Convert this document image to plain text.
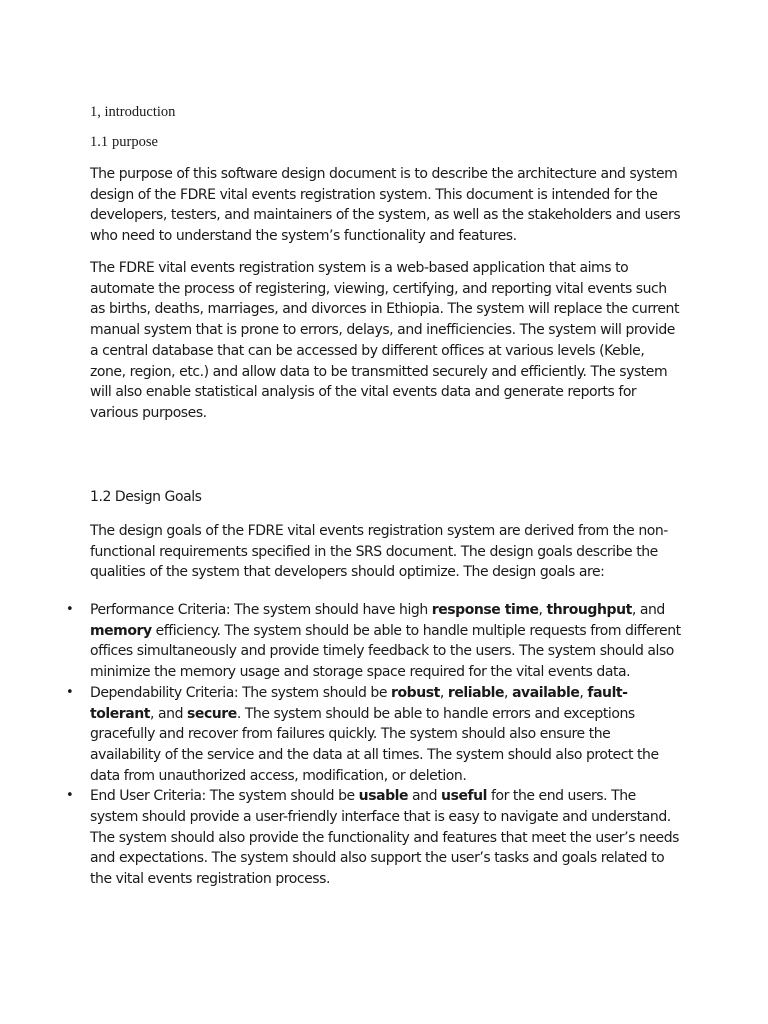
1, introduction
1.1 purpose

The purpose of this software design document is to describe the architecture and system design of the FDRE vital events registration system. This document is intended for the developers, testers, and maintainers of the system, as well as the stakeholders and users who need to understand the system’s functionality and features.

The FDRE vital events registration system is a web-based application that aims to automate the process of registering, viewing, certifying, and reporting vital events such as births, deaths, marriages, and divorces in Ethiopia. The system will replace the current manual system that is prone to errors, delays, and inefficiencies. The system will provide a central database that can be accessed by different offices at various levels (Keble, zone, region, etc.) and allow data to be transmitted securely and efficiently. The system will also enable statistical analysis of the vital events data and generate reports for various purposes.

1.2 Design Goals

The design goals of the FDRE vital events registration system are derived from the non-functional requirements specified in the SRS document. The design goals describe the qualities of the system that developers should optimize. The design goals are:

• Performance Criteria: The system should have high response time, throughput, and memory efficiency. The system should be able to handle multiple requests from different offices simultaneously and provide timely feedback to the users. The system should also minimize the memory usage and storage space required for the vital events data.
• Dependability Criteria: The system should be robust, reliable, available, fault-tolerant, and secure. The system should be able to handle errors and exceptions gracefully and recover from failures quickly. The system should also ensure the availability of the service and the data at all times. The system should also protect the data from unauthorized access, modification, or deletion.
• End User Criteria: The system should be usable and useful for the end users. The system should provide a user-friendly interface that is easy to navigate and understand. The system should also provide the functionality and features that meet the user’s needs and expectations. The system should also support the user’s tasks and goals related to the vital events registration process.
